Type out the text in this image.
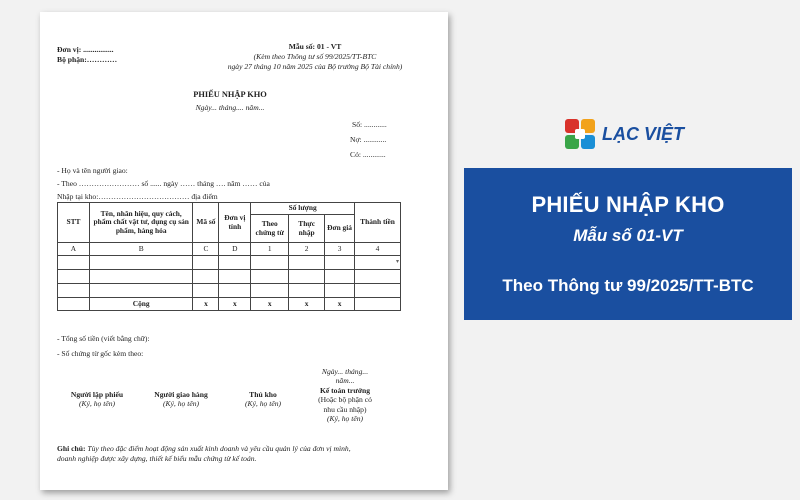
Đơn vị: ................
Bộ phận:…………
Mẫu số: 01 - VT
(Kèm theo Thông tư số 99/2025/TT-BTC
ngày 27 tháng 10 năm 2025 của Bộ trưởng Bộ Tài chính)
PHIẾU NHẬP KHO
Ngày... tháng.... năm...
Số: ............
Nợ: ............
Có: ............
- Họ và tên người giao:
- Theo …………………… số ...... ngày …… tháng …. năm …… của
Nhập tại kho:……………………………… địa điểm
STT	Tên, nhãn hiệu, quy cách, phẩm chất vật tư, dụng cụ sản phẩm, hàng hóa	Mã số	Đơn vị tính	Số lượng			Thành tiền
				Theo chứng từ	Thực nhập	Đơn giá	
A	B	C	D	1	2	3	4
							▾

	Cộng	x	x	x	x	x	
- Tổng số tiền (viết bằng chữ):
- Số chứng từ gốc kèm theo:
Người lập phiếu
(Ký, họ tên)
Người giao hàng
(Ký, họ tên)
Thủ kho
(Ký, họ tên)
Ngày... tháng...
năm...
Kế toán trưởng
(Hoặc bộ phận có
nhu cầu nhập)
(Ký, họ tên)
Ghi chú: Tùy theo đặc điểm hoạt động sản xuất kinh doanh và yêu cầu quản lý của đơn vị mình,
doanh nghiệp được xây dựng, thiết kế biểu mẫu chứng từ kế toán.
LẠC VIỆT
PHIẾU NHẬP KHO
Mẫu số 01-VT
Theo Thông tư 99/2025/TT-BTC
